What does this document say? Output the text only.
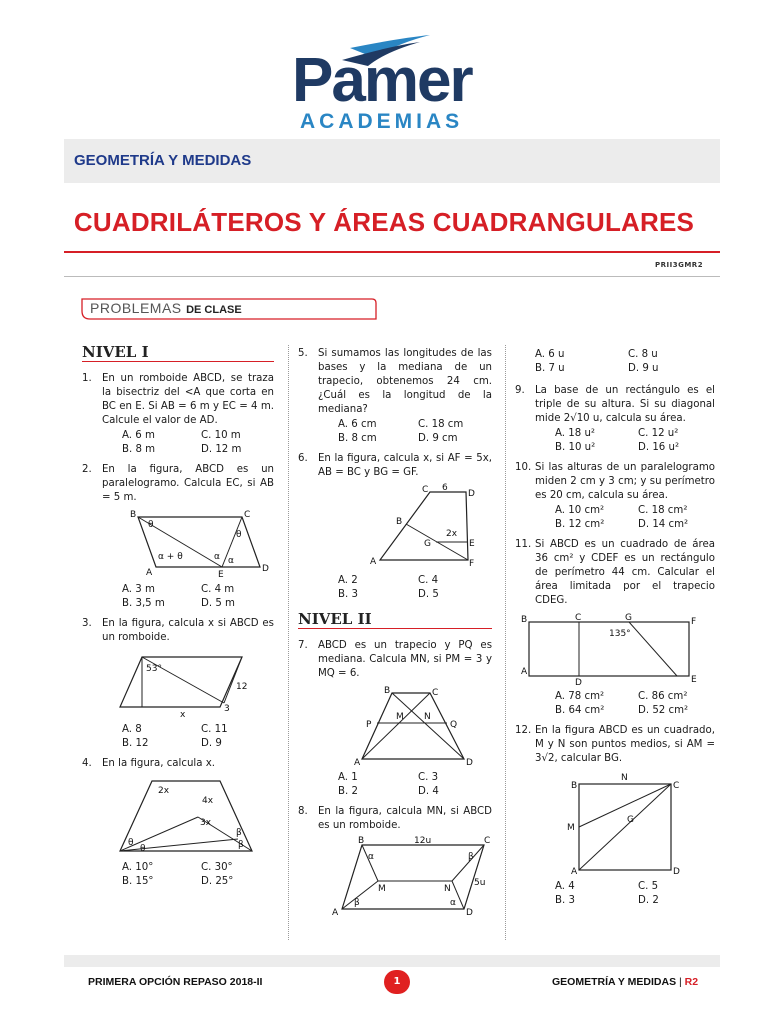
Pamer
ACADEMIAS
GEOMETRÍA Y MEDIDAS
CUADRILÁTEROS Y ÁREAS CUADRANGULARES
PRII3GMR2
PROBLEMAS DE CLASE
NIVEL I
1. En un romboide ABCD, se traza la bisectriz del <A que corta en BC en E. Si AB = 6 m y EC = 4 m. Calcule el valor de AD.
A. 6 m	C. 10 m
B. 8 m	D. 12 m
2. En la figura, ABCD es un paralelogramo. Calcula EC, si AB = 5 m.
B	C
A	E
D
θ
θ
α + θ	α α
A. 3 m	C. 4 m
B. 3,5 m	D. 5 m
3. En la figura, calcula x si ABCD es un romboide.
53°
12
3
x
A. 8	C. 11
B. 12	D. 9
4. En la figura, calcula x.
2x
4x
3x
θ
θ
β
β
A. 10°	C. 30°
B. 15°	D. 25°
5. Si sumamos las longitudes de las bases y la mediana de un trapecio, obtenemos 24 cm. ¿Cuál es la longitud de la mediana?
A. 6 cm	C. 18 cm
B. 8 cm	D. 9 cm
6. En la figura, calcula x, si AF = 5x, AB = BC y BG = GF.
C 6
D
B
2x
G	E
A	F
A. 2	C. 4
B. 3	D. 5
NIVEL II
7. ABCD es un trapecio y PQ es mediana. Calcula MN, si PM = 3 y MQ = 6.
B	C
P
M N
Q
A	D
A. 1	C. 3
B. 2	D. 4
8. En la figura, calcula MN, si ABCD es un romboide.
B	12u	C
α	β
M	N
5u
A
β	α
D
A. 6 u	C. 8 u
B. 7 u	D. 9 u
9. La base de un rectángulo es el triple de su altura. Si su diagonal mide 2√10 u, calcula su área.
A. 18 u²	C. 12 u²
B. 10 u²	D. 16 u²
10. Si las alturas de un paralelogramo miden 2 cm y 3 cm; y su perímetro es 20 cm, calcula su área.
A. 10 cm²	C. 18 cm²
B. 12 cm²	D. 14 cm²
11. Si ABCD es un cuadrado de área 36 cm² y CDEF es un rectángulo de perímetro 44 cm. Calcular el área limitada por el trapecio CDEG.
B	C	G	F
135°
A
D	E
A. 78 cm²	C. 86 cm²
B. 64 cm²	D. 52 cm²
12. En la figura ABCD es un cuadrado, M y N son puntos medios, si AM = 3√2, calcular BG.
N
B	C
M
G
A	D
A. 4	C. 5
B. 3	D. 2
PRIMERA OPCIÓN REPASO 2018-II	1	GEOMETRÍA Y MEDIDAS | R2
